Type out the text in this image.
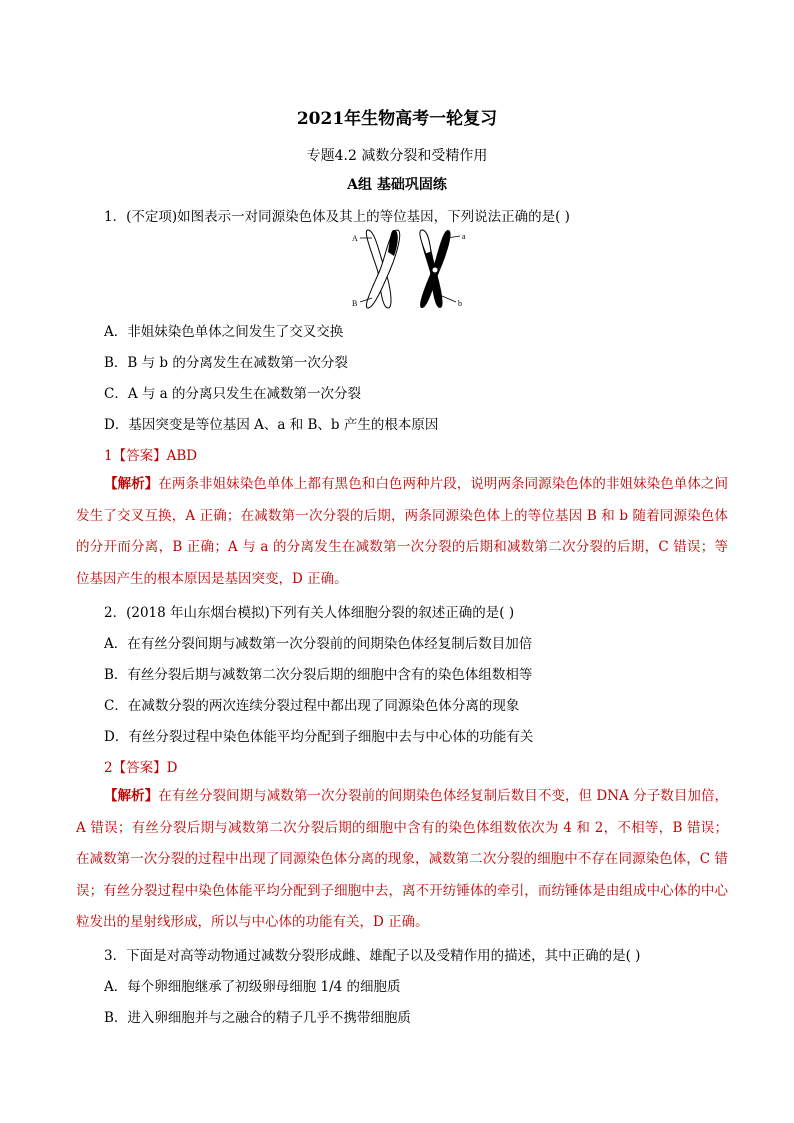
2021年生物高考一轮复习
专题4.2 减数分裂和受精作用
A组 基础巩固练
1．(不定项)如图表示一对同源染色体及其上的等位基因，下列说法正确的是( )
A
B
a
b
A．非姐妹染色单体之间发生了交叉交换
B．B 与 b 的分离发生在减数第一次分裂
C．A 与 a 的分离只发生在减数第一次分裂
D．基因突变是等位基因 A、a 和 B、b 产生的根本原因
1【答案】ABD
【解析】在两条非姐妹染色单体上都有黑色和白色两种片段，说明两条同源染色体的非姐妹染色单体之间发生了交叉互换，A 正确；在减数第一次分裂的后期，两条同源染色体上的等位基因 B 和 b 随着同源染色体的分开而分离，B 正确；A 与 a 的分离发生在减数第一次分裂的后期和减数第二次分裂的后期，C 错误；等位基因产生的根本原因是基因突变，D 正确。
2．(2018 年山东烟台模拟)下列有关人体细胞分裂的叙述正确的是( )
A．在有丝分裂间期与减数第一次分裂前的间期染色体经复制后数目加倍
B．有丝分裂后期与减数第二次分裂后期的细胞中含有的染色体组数相等
C．在减数分裂的两次连续分裂过程中都出现了同源染色体分离的现象
D．有丝分裂过程中染色体能平均分配到子细胞中去与中心体的功能有关
2【答案】D
【解析】在有丝分裂间期与减数第一次分裂前的间期染色体经复制后数目不变，但 DNA 分子数目加倍，A 错误；有丝分裂后期与减数第二次分裂后期的细胞中含有的染色体组数依次为 4 和 2，不相等，B 错误；在减数第一次分裂的过程中出现了同源染色体分离的现象，减数第二次分裂的细胞中不存在同源染色体，C 错误；有丝分裂过程中染色体能平均分配到子细胞中去，离不开纺锤体的牵引，而纺锤体是由组成中心体的中心粒发出的星射线形成，所以与中心体的功能有关，D 正确。
3．下面是对高等动物通过减数分裂形成雌、雄配子以及受精作用的描述，其中正确的是( )
A．每个卵细胞继承了初级卵母细胞 1/4 的细胞质
B．进入卵细胞并与之融合的精子几乎不携带细胞质
